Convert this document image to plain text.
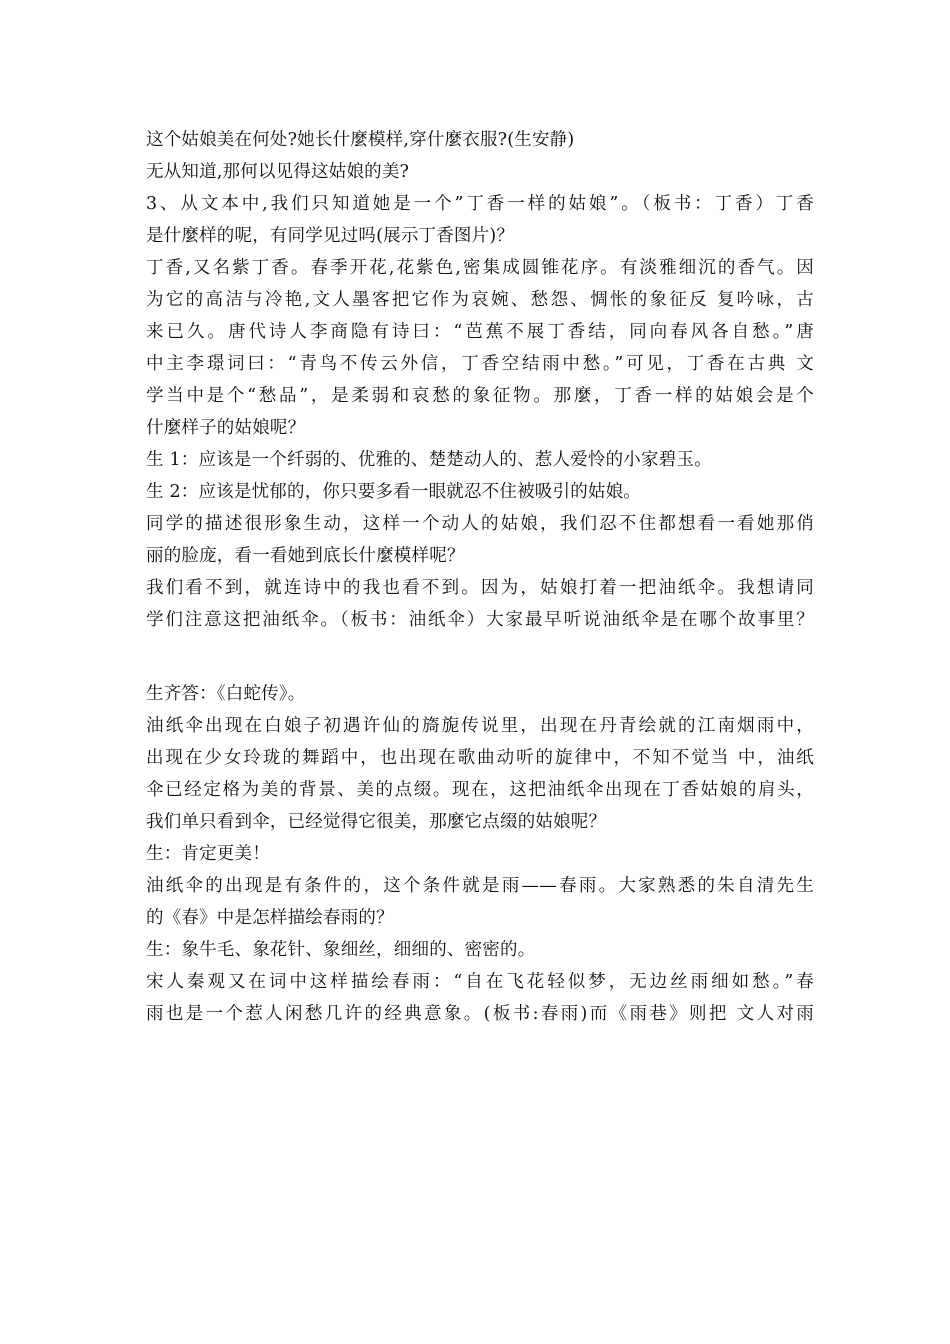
这个姑娘美在何处?她长什麼模样,穿什麼衣服?(生安静)
无从知道,那何以见得这姑娘的美?
3、从文本中,我们只知道她是一个”丁香一样的姑娘”。（板书：丁香）丁香
是什麼样的呢，有同学见过吗(展示丁香图片)？
丁香,又名紫丁香。春季开花,花紫色,密集成圆锥花序。有淡雅细沉的香气。因
为它的高洁与冷艳,文人墨客把它作为哀婉、愁怨、惆怅的象征反 复吟咏，古
来已久。唐代诗人李商隐有诗曰：“芭蕉不展丁香结，同向春风各自愁。”唐
中主李璟词曰：“青鸟不传云外信，丁香空结雨中愁。”可见，丁香在古典 文
学当中是个“愁品”，是柔弱和哀愁的象征物。那麼，丁香一样的姑娘会是个
什麼样子的姑娘呢？
生 1：应该是一个纤弱的、优雅的、楚楚动人的、惹人爱怜的小家碧玉。
生 2：应该是忧郁的，你只要多看一眼就忍不住被吸引的姑娘。
同学的描述很形象生动，这样一个动人的姑娘，我们忍不住都想看一看她那俏
丽的脸庞，看一看她到底长什麼模样呢？
我们看不到，就连诗中的我也看不到。因为，姑娘打着一把油纸伞。我想请同
学们注意这把油纸伞。（板书：油纸伞）大家最早听说油纸伞是在哪个故事里？
生齐答：《白蛇传》。
油纸伞出现在白娘子初遇许仙的旖旎传说里，出现在丹青绘就的江南烟雨中，
出现在少女玲珑的舞蹈中，也出现在歌曲动听的旋律中，不知不觉当 中，油纸
伞已经定格为美的背景、美的点缀。现在，这把油纸伞出现在丁香姑娘的肩头，
我们单只看到伞，已经觉得它很美，那麼它点缀的姑娘呢？
生：肯定更美！
油纸伞的出现是有条件的，这个条件就是雨——春雨。大家熟悉的朱自清先生
的《春》中是怎样描绘春雨的？
生：象牛毛、象花针、象细丝，细细的、密密的。
宋人秦观又在词中这样描绘春雨：“自在飞花轻似梦，无边丝雨细如愁。”春
雨也是一个惹人闲愁几许的经典意象。(板书:春雨)而《雨巷》则把 文人对雨
